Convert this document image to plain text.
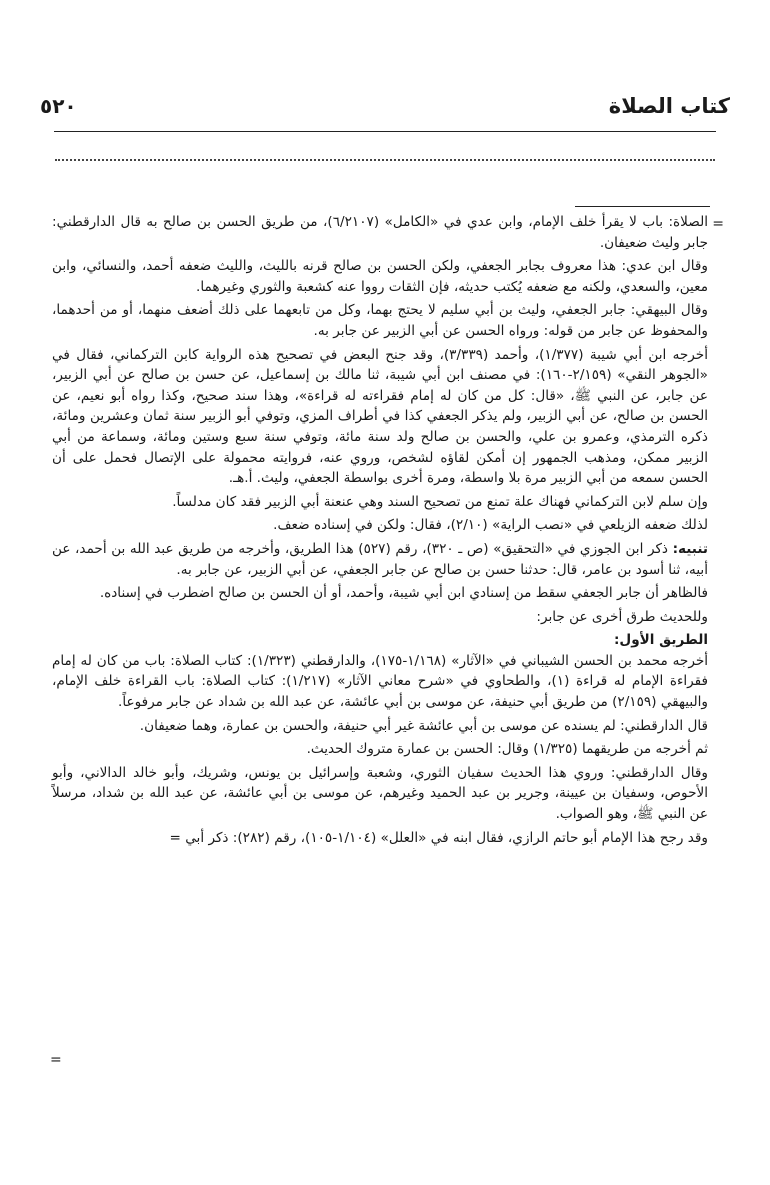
كتاب الصلاة
٥٢٠
=

الصلاة: باب لا يقرأ خلف الإمام، وابن عدي في «الكامل» (٦/٢١٠٧)، من طريق الحسن بن صالح به قال الدارقطني: جابر وليث ضعيفان.

وقال ابن عدي: هذا معروف بجابر الجعفي، ولكن الحسن بن صالح قرنه بالليث، والليث ضعفه أحمد، والنسائي، وابن معين، والسعدي، ولكنه مع ضعفه يُكتب حديثه، فإن الثقات رووا عنه كشعبة والثوري وغيرهما.

وقال البيهقي: جابر الجعفي، وليث بن أبي سليم لا يحتج بهما، وكل من تابعهما على ذلك أضعف منهما، أو من أحدهما، والمحفوظ عن جابر من قوله: ورواه الحسن عن أبي الزبير عن جابر به.

أخرجه ابن أبي شيبة (١/٣٧٧)، وأحمد (٣/٣٣٩)، وقد جنح البعض في تصحيح هذه الرواية كابن التركماني، فقال في «الجوهر النقي» (٢/١٥٩-١٦٠): في مصنف ابن أبي شيبة، ثنا مالك بن إسماعيل، عن حسن بن صالح عن أبي الزبير، عن جابر، عن النبي ﷺ، «قال: كل من كان له إمام فقراءته له قراءة»، وهذا سند صحيح، وكذا رواه أبو نعيم، عن الحسن بن صالح، عن أبي الزبير، ولم يذكر الجعفي كذا في أطراف المزي، وتوفي أبو الزبير سنة ثمان وعشرين ومائة، ذكره الترمذي، وعمرو بن علي، والحسن بن صالح ولد سنة مائة، وتوفي سنة سبع وستين ومائة، وسماعة من أبي الزبير ممكن، ومذهب الجمهور إن أمكن لقاؤه لشخص، وروي عنه، فروايته محمولة على الإتصال فحمل على أن الحسن سمعه من أبي الزبير مرة بلا واسطة، ومرة أخرى بواسطة الجعفي، وليث. أ.هـ.

وإن سلم لابن التركماني فهناك علة تمنع من تصحيح السند وهي عنعنة أبي الزبير فقد كان مدلساً.

لذلك ضعفه الزيلعي في «نصب الراية» (٢/١٠)، فقال: ولكن في إسناده ضعف.

تنبيه: ذكر ابن الجوزي في «التحقيق» (ص ـ ٣٢٠)، رقم (٥٢٧) هذا الطريق، وأخرجه من طريق عبد الله بن أحمد، عن أبيه، ثنا أسود بن عامر، قال: حدثنا حسن بن صالح عن جابر الجعفي، عن أبي الزبير، عن جابر به.

فالظاهر أن جابر الجعفي سقط من إسنادي ابن أبي شيبة، وأحمد، أو أن الحسن بن صالح اضطرب في إسناده.

وللحديث طرق أخرى عن جابر:

الطريق الأول:

أخرجه محمد بن الحسن الشيباني في «الآثار» (١/١٦٨-١٧٥)، والدارقطني (١/٣٢٣): كتاب الصلاة: باب من كان له إمام فقراءة الإمام له قراءة (١)، والطحاوي في «شرح معاني الآثار» (١/٢١٧): كتاب الصلاة: باب القراءة خلف الإمام، والبيهقي (٢/١٥٩) من طريق أبي حنيفة، عن موسى بن أبي عائشة، عن عبد الله بن شداد عن جابر مرفوعاً.

قال الدارقطني: لم يسنده عن موسى بن أبي عائشة غير أبي حنيفة، والحسن بن عمارة، وهما ضعيفان.

ثم أخرجه من طريقهما (١/٣٢٥) وقال: الحسن بن عمارة متروك الحديث.

وقال الدارقطني: وروي هذا الحديث سفيان الثوري، وشعبة وإسرائيل بن يونس، وشريك، وأبو خالد الدالاني، وأبو الأحوص، وسفيان بن عيينة، وجرير بن عبد الحميد وغيرهم، عن موسى بن أبي عائشة، عن عبد الله بن شداد، مرسلاً عن النبي ﷺ، وهو الصواب.

وقد رجح هذا الإمام أبو حاتم الرازي، فقال ابنه في «العلل» (١/١٠٤-١٠٥)، رقم (٢٨٢): ذكر أبي =

=
